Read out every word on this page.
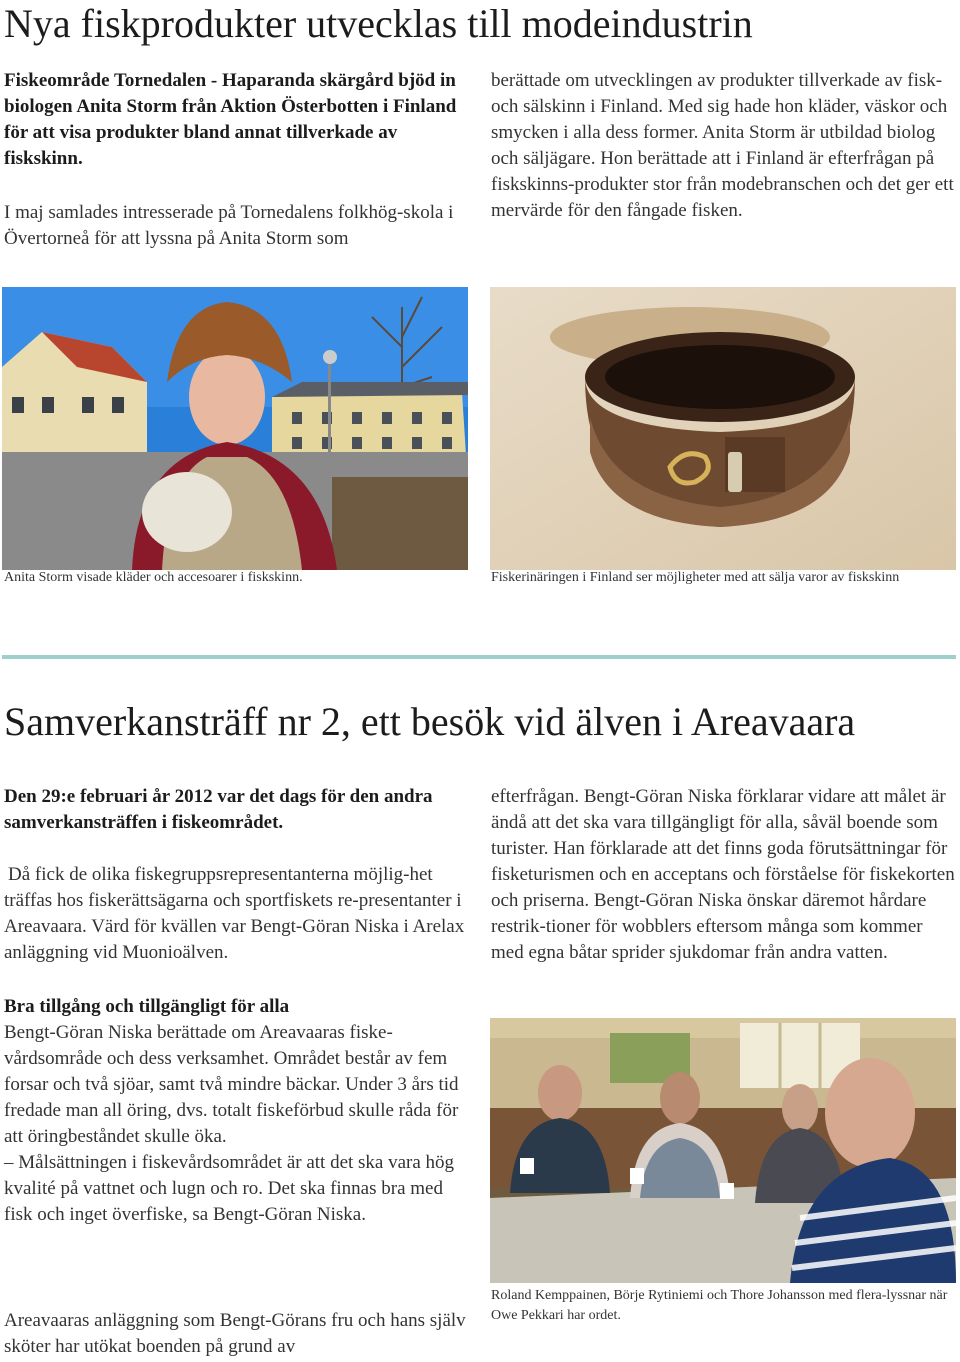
Nya fiskprodukter utvecklas till modeindustrin

Fiskeområde Tornedalen - Haparanda skärgård bjöd in biologen Anita Storm från Aktion Österbotten i Finland för att visa produkter bland annat tillverkade av fiskskinn.

I maj samlades intresserade på Tornedalens folkhög-skola i Övertorneå för att lyssna på Anita Storm som

berättade om utvecklingen av produkter tillverkade av fisk- och sälskinn i Finland. Med sig hade hon kläder, väskor och smycken i alla dess former. Anita Storm är utbildad biolog och säljägare. Hon berättade att i Finland är efterfrågan på fiskskinns-produkter stor från modebranschen och det ger ett mervärde för den fångade fisken.

Anita Storm visade kläder och accesoarer i fiskskinn.	Fiskerinäringen i Finland ser möjligheter med att sälja varor av fiskskinn

Samverkansträff nr 2, ett besök vid älven i Areavaara

Den 29:e februari år 2012 var det dags för den andra samverkansträffen i fiskeområdet.

Då fick de olika fiskegruppsrepresentanterna möjlig-het träffas hos fiskerättsägarna och sportfiskets re-presentanter i Areavaara. Värd för kvällen var Bengt-Göran Niska i Arelax anläggning vid Muonioälven.

Bra tillgång och tillgängligt för alla
Bengt-Göran Niska berättade om Areavaaras fiske-vårdsområde och dess verksamhet. Området består av fem forsar och två sjöar, samt två mindre bäckar. Under 3 års tid fredade man all öring, dvs. totalt fiskeförbud skulle råda för att öringbeståndet skulle öka.
– Målsättningen i fiskevårdsområdet är att det ska vara hög kvalité på vattnet och lugn och ro. Det ska finnas bra med fisk och inget överfiske, sa Bengt-Göran Niska.

Areavaaras anläggning som Bengt-Görans fru och hans själv sköter har utökat boenden på grund av

efterfrågan. Bengt-Göran Niska förklarar vidare att målet är ändå att det ska vara tillgängligt för alla, såväl boende som turister. Han förklarade att det finns goda förutsättningar för fisketurismen och en acceptans och förståelse för fiskekorten och priserna. Bengt-Göran Niska önskar däremot hårdare restrik-tioner för wobblers eftersom många som kommer med egna båtar sprider sjukdomar från andra vatten.

Roland Kemppainen, Börje Rytiniemi och Thore Johansson med flera-lyssnar när Owe Pekkari har ordet.
